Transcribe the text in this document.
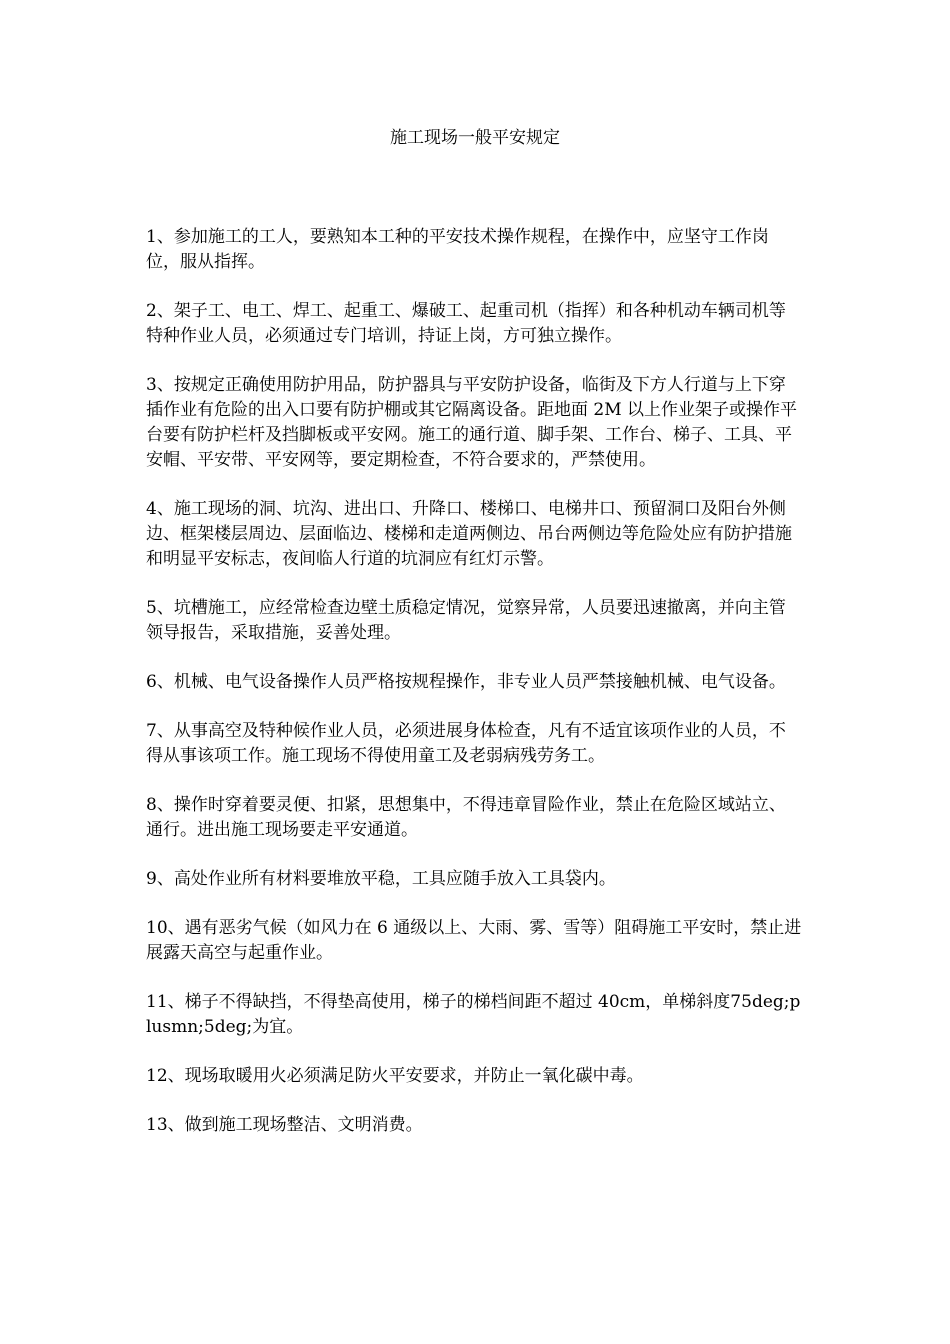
施工现场一般平安规定

1、参加施工的工人，要熟知本工种的平安技术操作规程，在操作中，应坚守工作岗位，服从指挥。

2、架子工、电工、焊工、起重工、爆破工、起重司机（指挥）和各种机动车辆司机等特种作业人员，必须通过专门培训，持证上岗，方可独立操作。

3、按规定正确使用防护用品，防护器具与平安防护设备，临街及下方人行道与上下穿插作业有危险的出入口要有防护棚或其它隔离设备。距地面 2M 以上作业架子或操作平台要有防护栏杆及挡脚板或平安网。施工的通行道、脚手架、工作台、梯子、工具、平安帽、平安带、平安网等，要定期检查，不符合要求的，严禁使用。

4、施工现场的洞、坑沟、进出口、升降口、楼梯口、电梯井口、预留洞口及阳台外侧边、框架楼层周边、层面临边、楼梯和走道两侧边、吊台两侧边等危险处应有防护措施和明显平安标志，夜间临人行道的坑洞应有红灯示警。

5、坑槽施工，应经常检查边壁土质稳定情况，觉察异常，人员要迅速撤离，并向主管领导报告，采取措施，妥善处理。

6、机械、电气设备操作人员严格按规程操作，非专业人员严禁接触机械、电气设备。

7、从事高空及特种候作业人员，必须进展身体检查，凡有不适宜该项作业的人员，不得从事该项工作。施工现场不得使用童工及老弱病残劳务工。

8、操作时穿着要灵便、扣紧，思想集中，不得违章冒险作业，禁止在危险区域站立、通行。进出施工现场要走平安通道。

9、高处作业所有材料要堆放平稳，工具应随手放入工具袋内。

10、遇有恶劣气候（如风力在 6 通级以上、大雨、雾、雪等）阻碍施工平安时，禁止进展露天高空与起重作业。

11、梯子不得缺挡，不得垫高使用，梯子的梯档间距不超过 40cm，单梯斜度75deg;plusmn;5deg;为宜。

12、现场取暖用火必须满足防火平安要求，并防止一氧化碳中毒。

13、做到施工现场整洁、文明消费。
